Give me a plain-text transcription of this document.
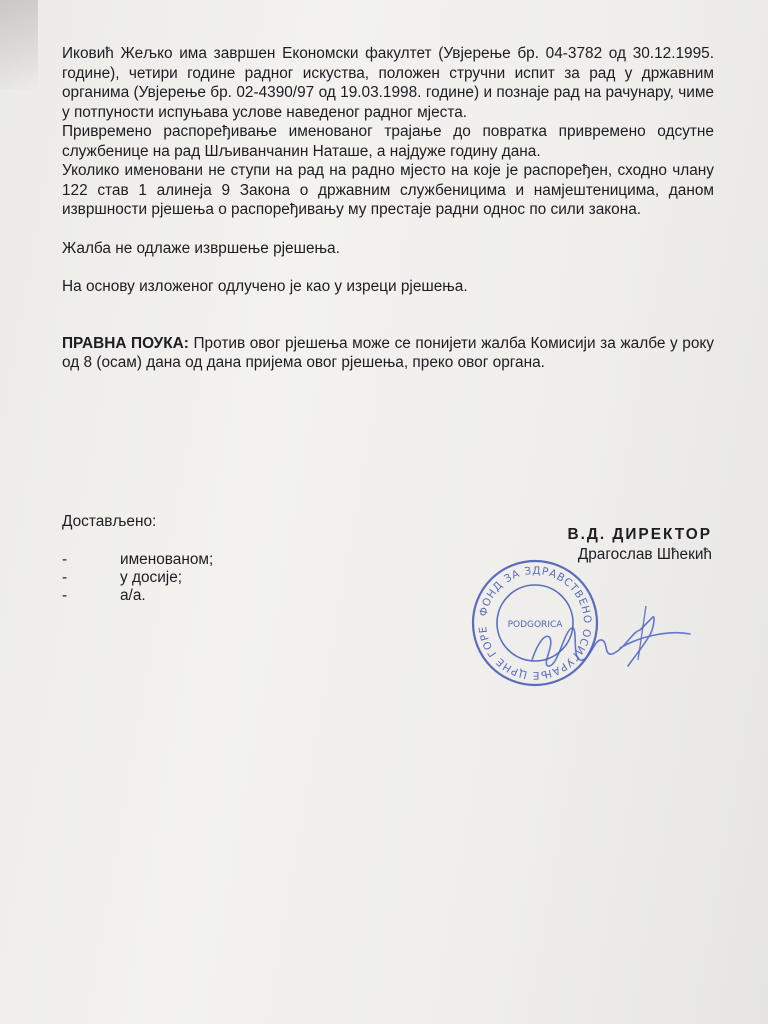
Иковић Жељко има завршен Економски факултет (Увјерење бр. 04-3782 од 30.12.1995. године), четири године радног искуства, положен стручни испит за рад у државним органима (Увјерење бр. 02-4390/97 од 19.03.1998. године) и познаје рад на рачунару, чиме у потпуности испуњава услове наведеног радног мјеста.

Привремено распоређивање именованог трајање до повратка привремено одсутне службенице на рад Шљиванчанин Наташе, а најдуже годину дана.

Уколико именовани не ступи на рад на радно мјесто на које је распоређен, сходно члану 122 став 1 алинеја 9 Закона о државним службеницима и намјештеницима, даном извршности рјешења о распоређивању му престаје радни однос по сили закона.

Жалба не одлаже извршење рјешења.

На основу изложеног одлучено је као у изреци рјешења.

ПРАВНА ПОУКА: Против овог рјешења може се понијети жалба Комисији за жалбе у року од 8 (осам) дана од дана пријема овог рјешења, преко овог органа.

Достављено:
-	именованом;
-	у досије;
-	а/а.
В.Д. ДИРЕКТОР
Драгослав Шћекић
ФОНД ЗА ЗДРАВСТВЕНО ОСИГУРАЊЕ ЦРНЕ ГОРЕ	PODGORICA
